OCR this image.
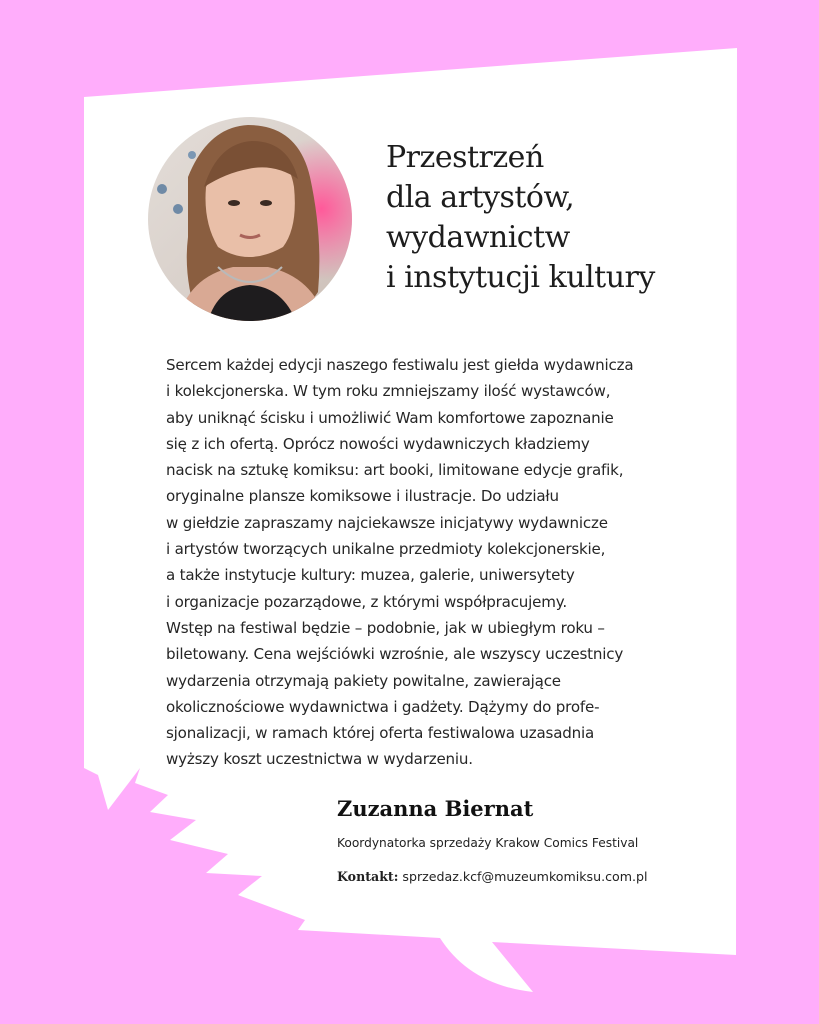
Przestrzeń
dla artystów,
wydawnictw
i instytucji kultury
Sercem każdej edycji naszego festiwalu jest giełda wydawnicza
i kolekcjonerska. W tym roku zmniejszamy ilość wystawców,
aby uniknąć ścisku i umożliwić Wam komfortowe zapoznanie
się z ich ofertą. Oprócz nowości wydawniczych kładziemy
nacisk na sztukę komiksu: art booki, limitowane edycje grafik,
oryginalne plansze komiksowe i ilustracje. Do udziału
w giełdzie zapraszamy najciekawsze inicjatywy wydawnicze
i artystów tworzących unikalne przedmioty kolekcjonerskie,
a także instytucje kultury: muzea, galerie, uniwersytety
i organizacje pozarządowe, z którymi współpracujemy.
Wstęp na festiwal będzie – podobnie, jak w ubiegłym roku –
biletowany. Cena wejściówki wzrośnie, ale wszyscy uczestnicy
wydarzenia otrzymają pakiety powitalne, zawierające
okolicznościowe wydawnictwa i gadżety. Dążymy do profe-
sjonalizacji, w ramach której oferta festiwalowa uzasadnia
wyższy koszt uczestnictwa w wydarzeniu.
Zuzanna Biernat
Koordynatorka sprzedaży Krakow Comics Festival
Kontakt: sprzedaz.kcf@muzeumkomiksu.com.pl
